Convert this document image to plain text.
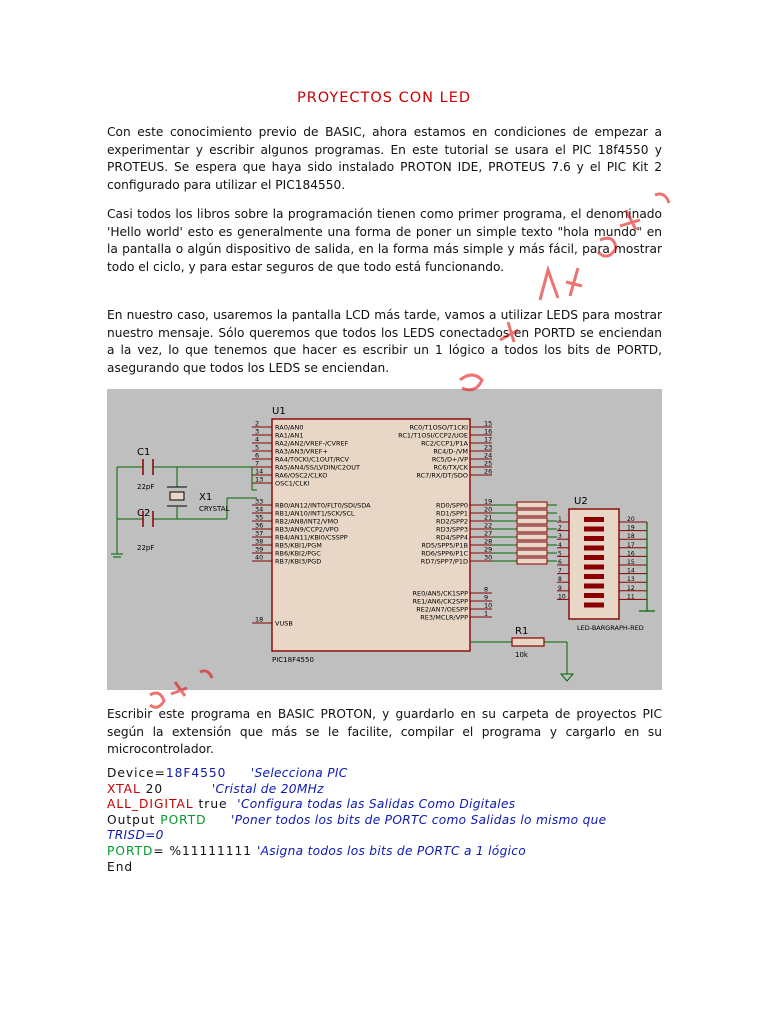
PROYECTOS CON LED
Con este conocimiento previo de BASIC, ahora estamos en condiciones de empezar a experimentar y escribir algunos programas. En este tutorial se usara el PIC 18f4550 y PROTEUS. Se espera que haya sido instalado PROTON IDE, PROTEUS 7.6 y el PIC Kit 2 configurado para utilizar el PIC184550.
Casi todos los libros sobre la programación tienen como primer programa, el denominado 'Hello world' esto es generalmente una forma de poner un simple texto "hola mundo" en la pantalla o algún dispositivo de salida, en la forma más simple y más fácil, para mostrar todo el ciclo, y para estar seguros de que todo está funcionando.
En nuestro caso, usaremos la pantalla LCD más tarde, vamos a utilizar LEDS para mostrar nuestro mensaje. Sólo queremos que todos los LEDS conectados en PORTD se enciendan a la vez, lo que tenemos que hacer es escribir un 1 lógico a todos los bits de PORTD, asegurando que todos los LEDS se enciendan.
U1
PIC18F4550
2 RA0/AN0
3 RA1/AN1
4 RA2/AN2/VREF-/CVREF
5 RA3/AN3/VREF+
6 RA4/T0CKI/C1OUT/RCV
7 RA5/AN4/SS/LVDIN/C2OUT
14 RA6/OSC2/CLKO
13 OSC1/CLKI
33 RB0/AN12/INT0/FLT0/SDI/SDA
34 RB1/AN10/INT1/SCK/SCL
35 RB2/AN8/INT2/VMO
36 RB3/AN9/CCP2/VPO
37 RB4/AN11/KBI0/CSSPP
38 RB5/KBI1/PGM
39 RB6/KBI2/PGC
40 RB7/KBI3/PGD
18 VUSB
15
RC0/T1OSO/T1CKI 16
RC1/T1OSI/CCP2/UOE 17
RC2/CCP1/P1A 23
RC4/D-/VM 24
RC5/D+/VP 25
RC6/TX/CK 26
RC7/RX/DT/SDO
19
RD0/SPP0 20
RD1/SPP1 21
RD2/SPP2 22
RD3/SPP3 27
RD4/SPP4 28
RD5/SPP5/P1B 29
RD6/SPP6/P1C 30
RD7/SPP7/P1D
8
RE0/AN5/CK1SPP 9
RE1/AN6/CK2SPP 10
RE2/AN7/OESPP 1
RE3/MCLR/VPP
C1
22pF
C2
22pF
X1
CRYSTAL
U2
LED-BARGRAPH-RED
1
2
3
4
5
6
7
8
9
10
20
19
18
17
16
15
14
13
12
11
R1
10k
Escribir este programa en BASIC PROTON, y guardarlo en su carpeta de proyectos PIC según la extensión que más se le facilite, compilar el programa y cargarlo en su microcontrolador.
Device=18F4550 'Selecciona PIC
XTAL 20	'Cristal de 20MHz
ALL_DIGITAL true 'Configura todas las Salidas Como Digitales
Output PORTD 'Poner todos los bits de PORTC como Salidas lo mismo que
TRISD=0
PORTD= %11111111 'Asigna todos los bits de PORTC a 1 lógico
End
